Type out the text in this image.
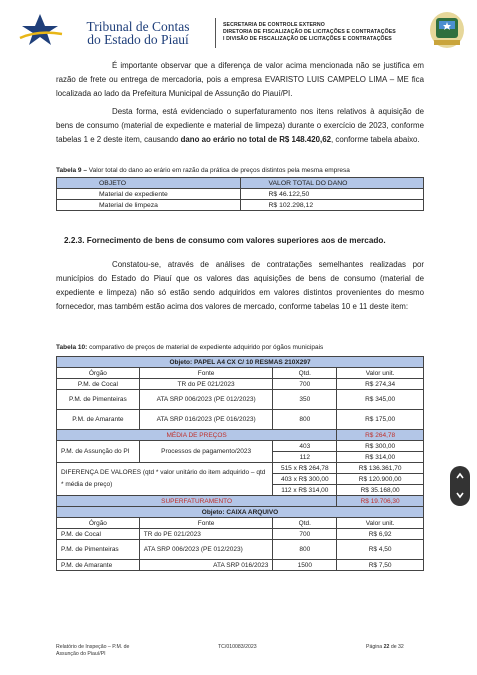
Tribunal de Contas
do Estado do Piauí
SECRETARIA DE CONTROLE EXTERNO
DIRETORIA DE FISCALIZAÇÃO DE LICITAÇÕES E CONTRATAÇÕES
I DIVISÃO DE FISCALIZAÇÃO DE LICITAÇÕES E CONTRATAÇÕES
É importante observar que a diferença de valor acima mencionada não se justifica em razão de frete ou entrega de mercadoria, pois a empresa EVARISTO LUIS CAMPELO LIMA – ME fica localizada ao lado da Prefeitura Municipal de Assunção do Piauí/PI.
Desta forma, está evidenciado o superfaturamento nos itens relativos à aquisição de bens de consumo (material de expediente e material de limpeza) durante o exercício de 2023, conforme tabelas 1 e 2 deste item, causando dano ao erário no total de R$ 148.420,62, conforme tabela abaixo.
Tabela 9 – Valor total do dano ao erário em razão da prática de preços distintos pela mesma empresa
OBJETO	VALOR TOTAL DO DANO
Material de expediente	R$ 46.122,50
Material de limpeza	R$ 102.298,12
2.2.3. Fornecimento de bens de consumo com valores superiores aos de mercado.
Constatou-se, através de análises de contratações semelhantes realizadas por municípios do Estado do Piauí que os valores das aquisições de bens de consumo (material de expediente e limpeza) não só estão sendo adquiridos em valores distintos provenientes do mesmo fornecedor, mas também estão acima dos valores de mercado, conforme tabelas 10 e 11 deste item:
Tabela 10: comparativo de preços de material de expediente adquirido por ógãos municipais
Objeto: PAPEL A4 CX C/ 10 RESMAS 210X297			
Órgão	Fonte	Qtd.	Valor unit.
P.M. de Cocal	TR do PE 021/2023	700	R$ 274,34
P.M. de Pimenteiras	ATA SRP 006/2023 (PE 012/2023)	350	R$ 345,00
P.M. de Amarante	ATA SRP 016/2023 (PE 016/2023)	800	R$ 175,00
MÉDIA DE PREÇOS			R$ 264,78
P.M. de Assunção do PI	Processos de pagamento/2023	403	R$ 300,00
		112	R$ 314,00
DIFERENÇA DE VALORES (qtd * valor unitário do item adquirido – qtd * média de preço)		515 x R$ 264,78	R$ 136.361,70
		403 x R$ 300,00	R$ 120.900,00
		112 x R$ 314,00	R$ 35.168,00
SUPERFATURAMENTO			R$ 19.706,30
Objeto: CAIXA ARQUIVO			
Órgão	Fonte	Qtd.	Valor unit.
P.M. de Cocal	TR do PE 021/2023	700	R$ 6,92
P.M. de Pimenteiras	ATA SRP 006/2023 (PE 012/2023)	800	R$ 4,50
P.M. de Amarante	ATA SRP 016/2023	1500	R$ 7,50
Relatório de Inspeção – P.M. de
Assunção do Piauí/PI
TC/010083/2023	Página 22 de 32
